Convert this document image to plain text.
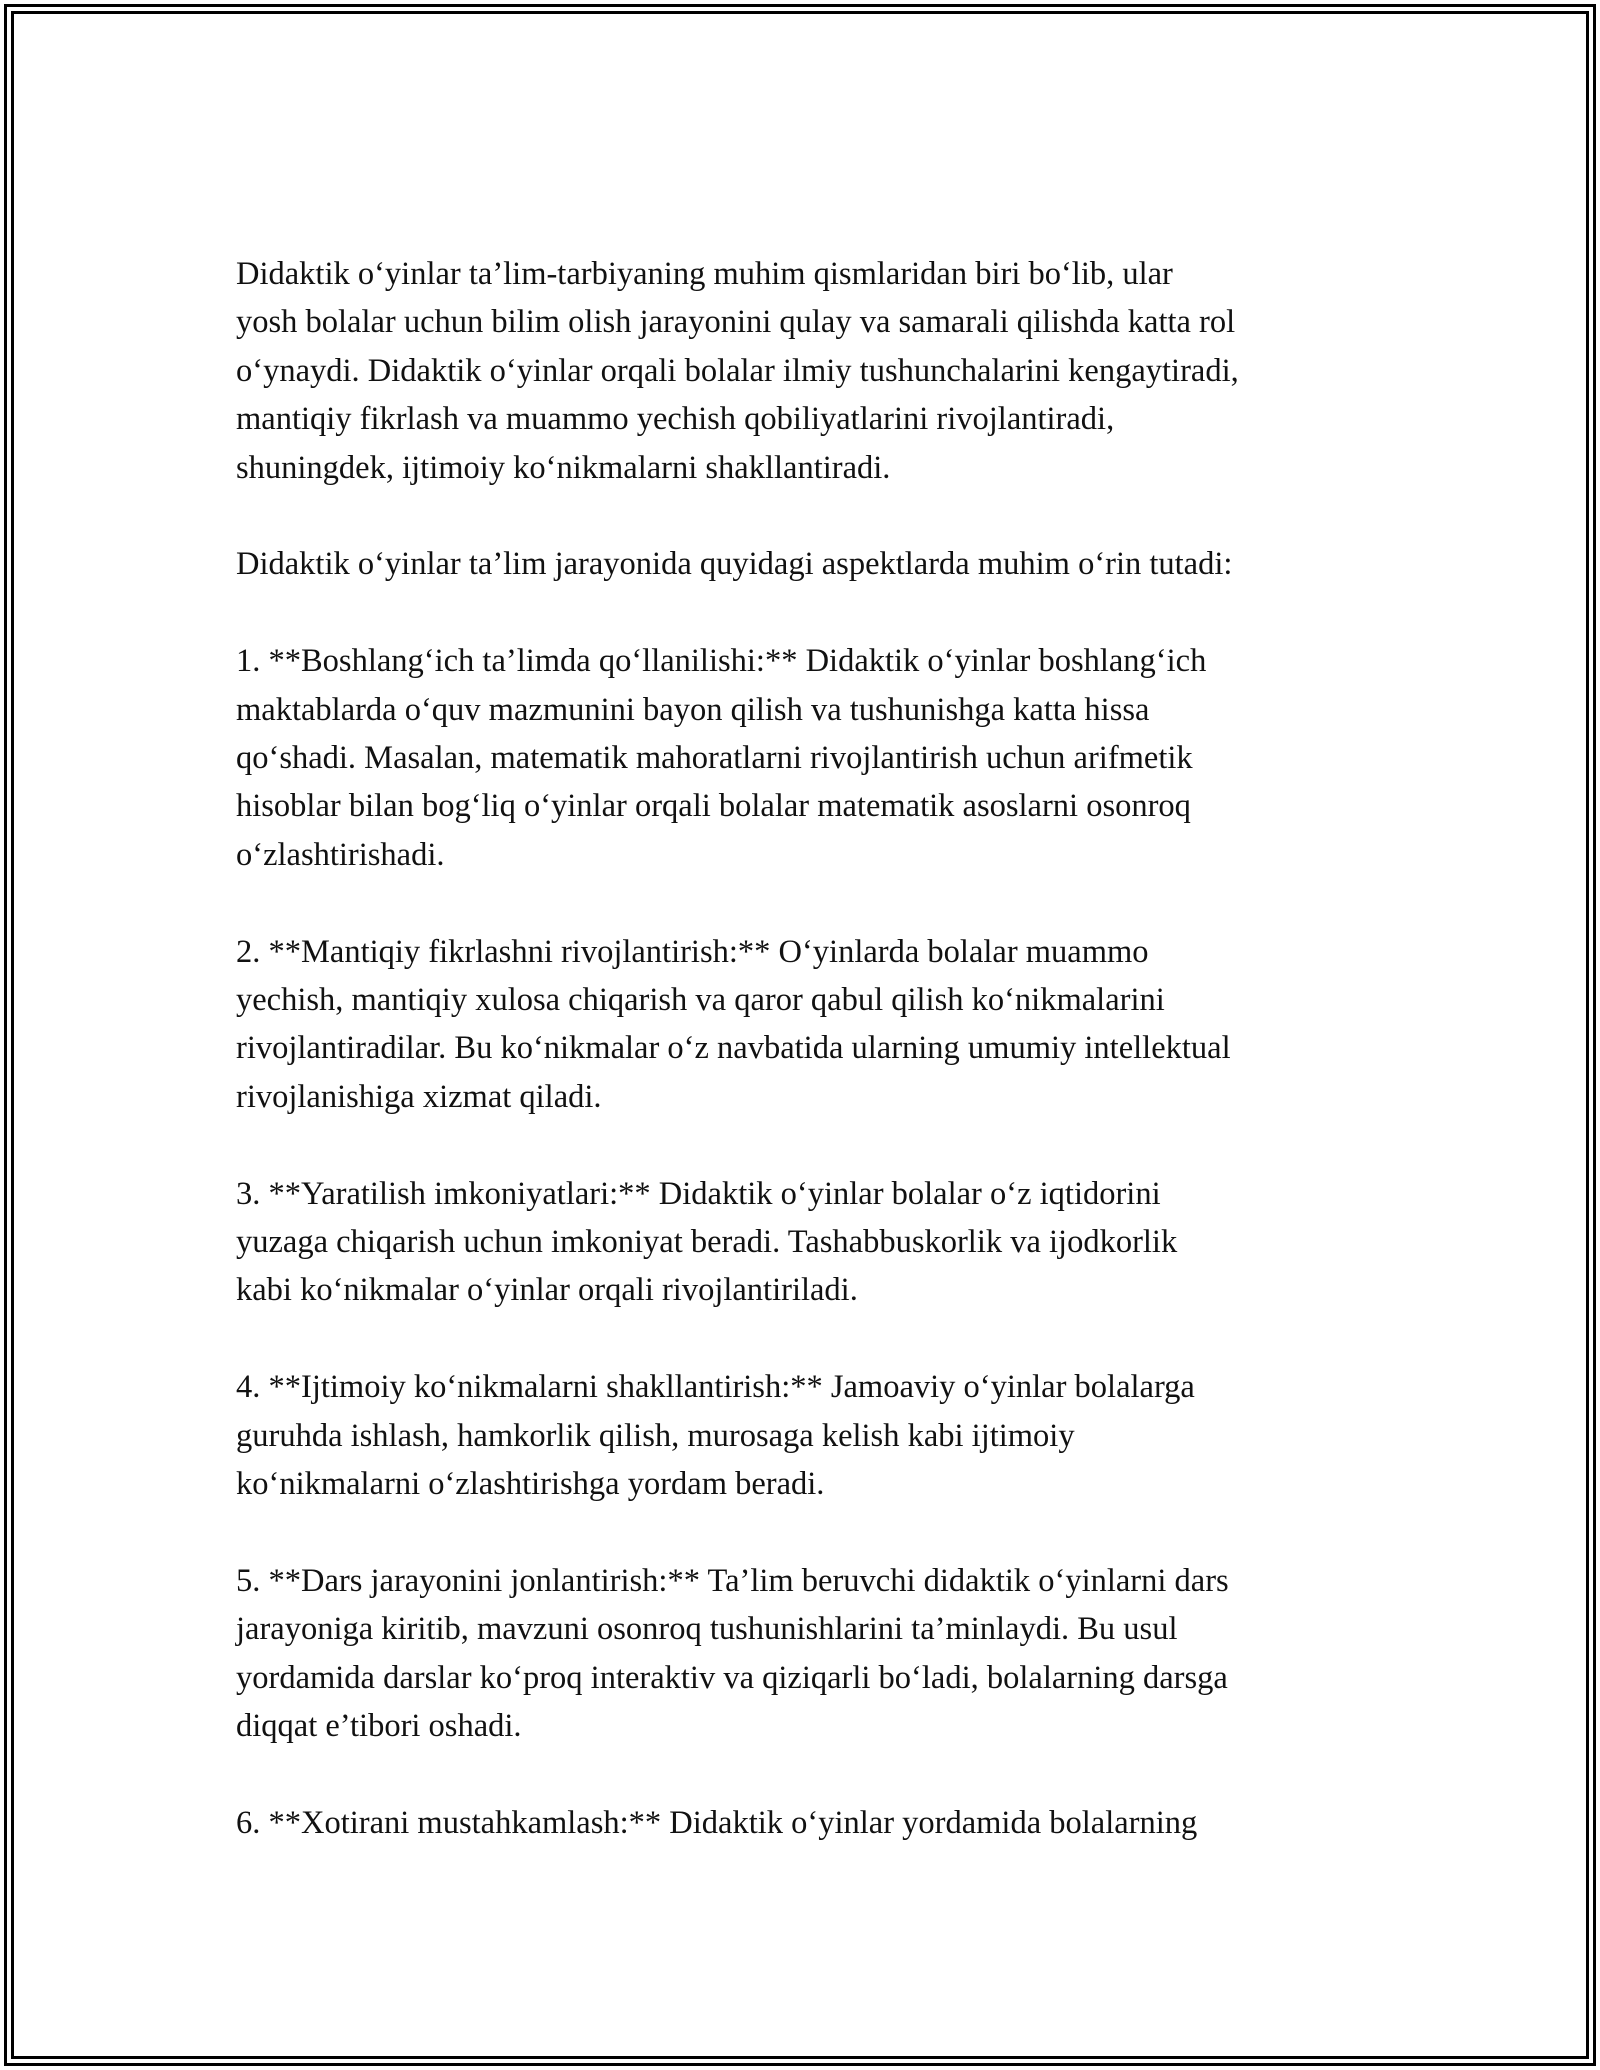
Didaktik o‘yinlar ta’lim-tarbiyaning muhim qismlaridan biri bo‘lib, ular
yosh bolalar uchun bilim olish jarayonini qulay va samarali qilishda katta rol
o‘ynaydi. Didaktik o‘yinlar orqali bolalar ilmiy tushunchalarini kengaytiradi,
mantiqiy fikrlash va muammo yechish qobiliyatlarini rivojlantiradi,
shuningdek, ijtimoiy ko‘nikmalarni shakllantiradi.

Didaktik o‘yinlar ta’lim jarayonida quyidagi aspektlarda muhim o‘rin tutadi:

1. **Boshlang‘ich ta’limda qo‘llanilishi:** Didaktik o‘yinlar boshlang‘ich
maktablarda o‘quv mazmunini bayon qilish va tushunishga katta hissa
qo‘shadi. Masalan, matematik mahoratlarni rivojlantirish uchun arifmetik
hisoblar bilan bog‘liq o‘yinlar orqali bolalar matematik asoslarni osonroq
o‘zlashtirishadi.

2. **Mantiqiy fikrlashni rivojlantirish:** O‘yinlarda bolalar muammo
yechish, mantiqiy xulosa chiqarish va qaror qabul qilish ko‘nikmalarini
rivojlantiradilar. Bu ko‘nikmalar o‘z navbatida ularning umumiy intellektual
rivojlanishiga xizmat qiladi.

3. **Yaratilish imkoniyatlari:** Didaktik o‘yinlar bolalar o‘z iqtidorini
yuzaga chiqarish uchun imkoniyat beradi. Tashabbuskorlik va ijodkorlik
kabi ko‘nikmalar o‘yinlar orqali rivojlantiriladi.

4. **Ijtimoiy ko‘nikmalarni shakllantirish:** Jamoaviy o‘yinlar bolalarga
guruhda ishlash, hamkorlik qilish, murosaga kelish kabi ijtimoiy
ko‘nikmalarni o‘zlashtirishga yordam beradi.

5. **Dars jarayonini jonlantirish:** Ta’lim beruvchi didaktik o‘yinlarni dars
jarayoniga kiritib, mavzuni osonroq tushunishlarini ta’minlaydi. Bu usul
yordamida darslar ko‘proq interaktiv va qiziqarli bo‘ladi, bolalarning darsga
diqqat e’tibori oshadi.

6. **Xotirani mustahkamlash:** Didaktik o‘yinlar yordamida bolalarning
